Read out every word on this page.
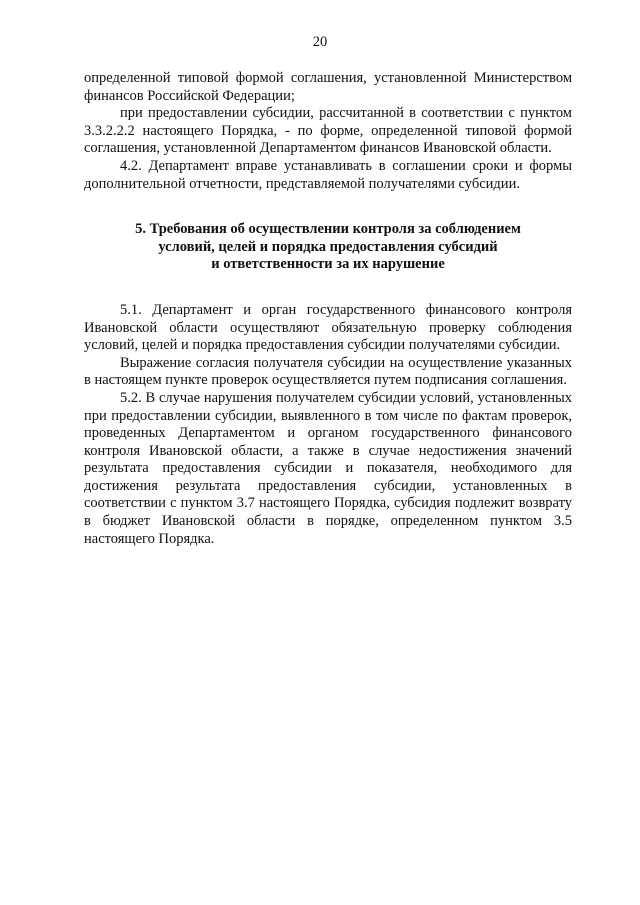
20

определенной типовой формой соглашения, установленной Министерством финансов Российской Федерации;

при предоставлении субсидии, рассчитанной в соответствии с пунктом 3.3.2.2.2 настоящего Порядка, - по форме, определенной типовой формой соглашения, установленной Департаментом финансов Ивановской области.

4.2. Департамент вправе устанавливать в соглашении сроки и формы дополнительной отчетности, представляемой получателями субсидии.

5. Требования об осуществлении контроля за соблюдением
условий, целей и порядка предоставления субсидий
и ответственности за их нарушение

5.1. Департамент и орган государственного финансового контроля Ивановской области осуществляют обязательную проверку соблюдения условий, целей и порядка предоставления субсидии получателями субсидии.

Выражение согласия получателя субсидии на осуществление указанных в настоящем пункте проверок осуществляется путем подписания соглашения.

5.2. В случае нарушения получателем субсидии условий, установленных при предоставлении субсидии, выявленного в том числе по фактам проверок, проведенных Департаментом и органом государственного финансового контроля Ивановской области, а также в случае недостижения значений результата предоставления субсидии и показателя, необходимого для достижения результата предоставления субсидии, установленных в соответствии с пунктом 3.7 настоящего Порядка, субсидия подлежит возврату в бюджет Ивановской области в порядке, определенном пунктом 3.5 настоящего Порядка.
